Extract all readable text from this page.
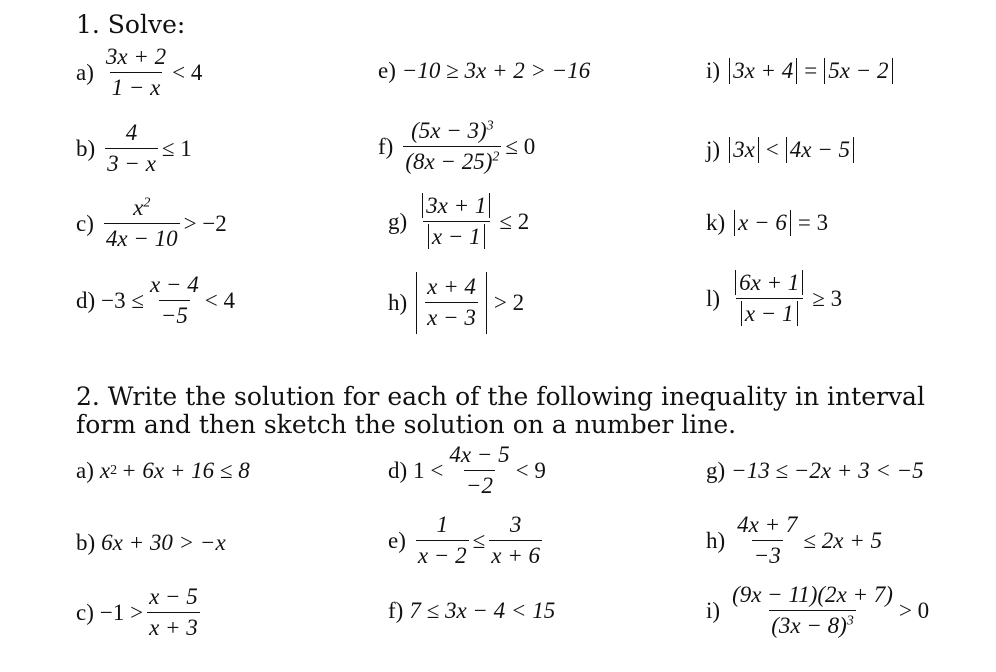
1. Solve:
$a) \frac{3x + 2}{1 - x} < 4$
$b) \frac{4}{3 - x} \le 1$
$c) \frac{x^2}{4x - 10} > -2$
$d) -3 \le \frac{x - 4}{-5} < 4$
e) −10 ≥ 3x + 2 > −16
$f) \frac{(5x - 3)^3}{(8x - 25)^2} \le 0$
$g) \frac{3x + 1}{x - 1} \le 2$
$h) \frac{x + 4}{x - 3} > 2$
i) 3x + 4 = 5x − 2
j) 3x < 4x − 5
k) x − 6 = 3
$l) \frac{6x + 1}{x - 1} \ge 3$
2. Write the solution for each of the following inequality in interval
form and then sketch the solution on a number line.
a) x 2 + 6x + 16 ≤ 8
b) 6x + 30 > −x
$c) -1 > \frac{x - 5}{x + 3}$
d) $1 < \frac{4x - 5}{-2} < 9$
$e) \frac{1}{x - 2} \le \frac{3}{x + 6}$
f) 7 ≤ 3x − 4 < 15
g) −13 ≤ −2x + 3 < −5
$h) \frac{4x + 7}{-3} \le 2x + 5$
$i) \frac{(9x - 11)(2x + 7)}{(3x - 8)^3} > 0$
